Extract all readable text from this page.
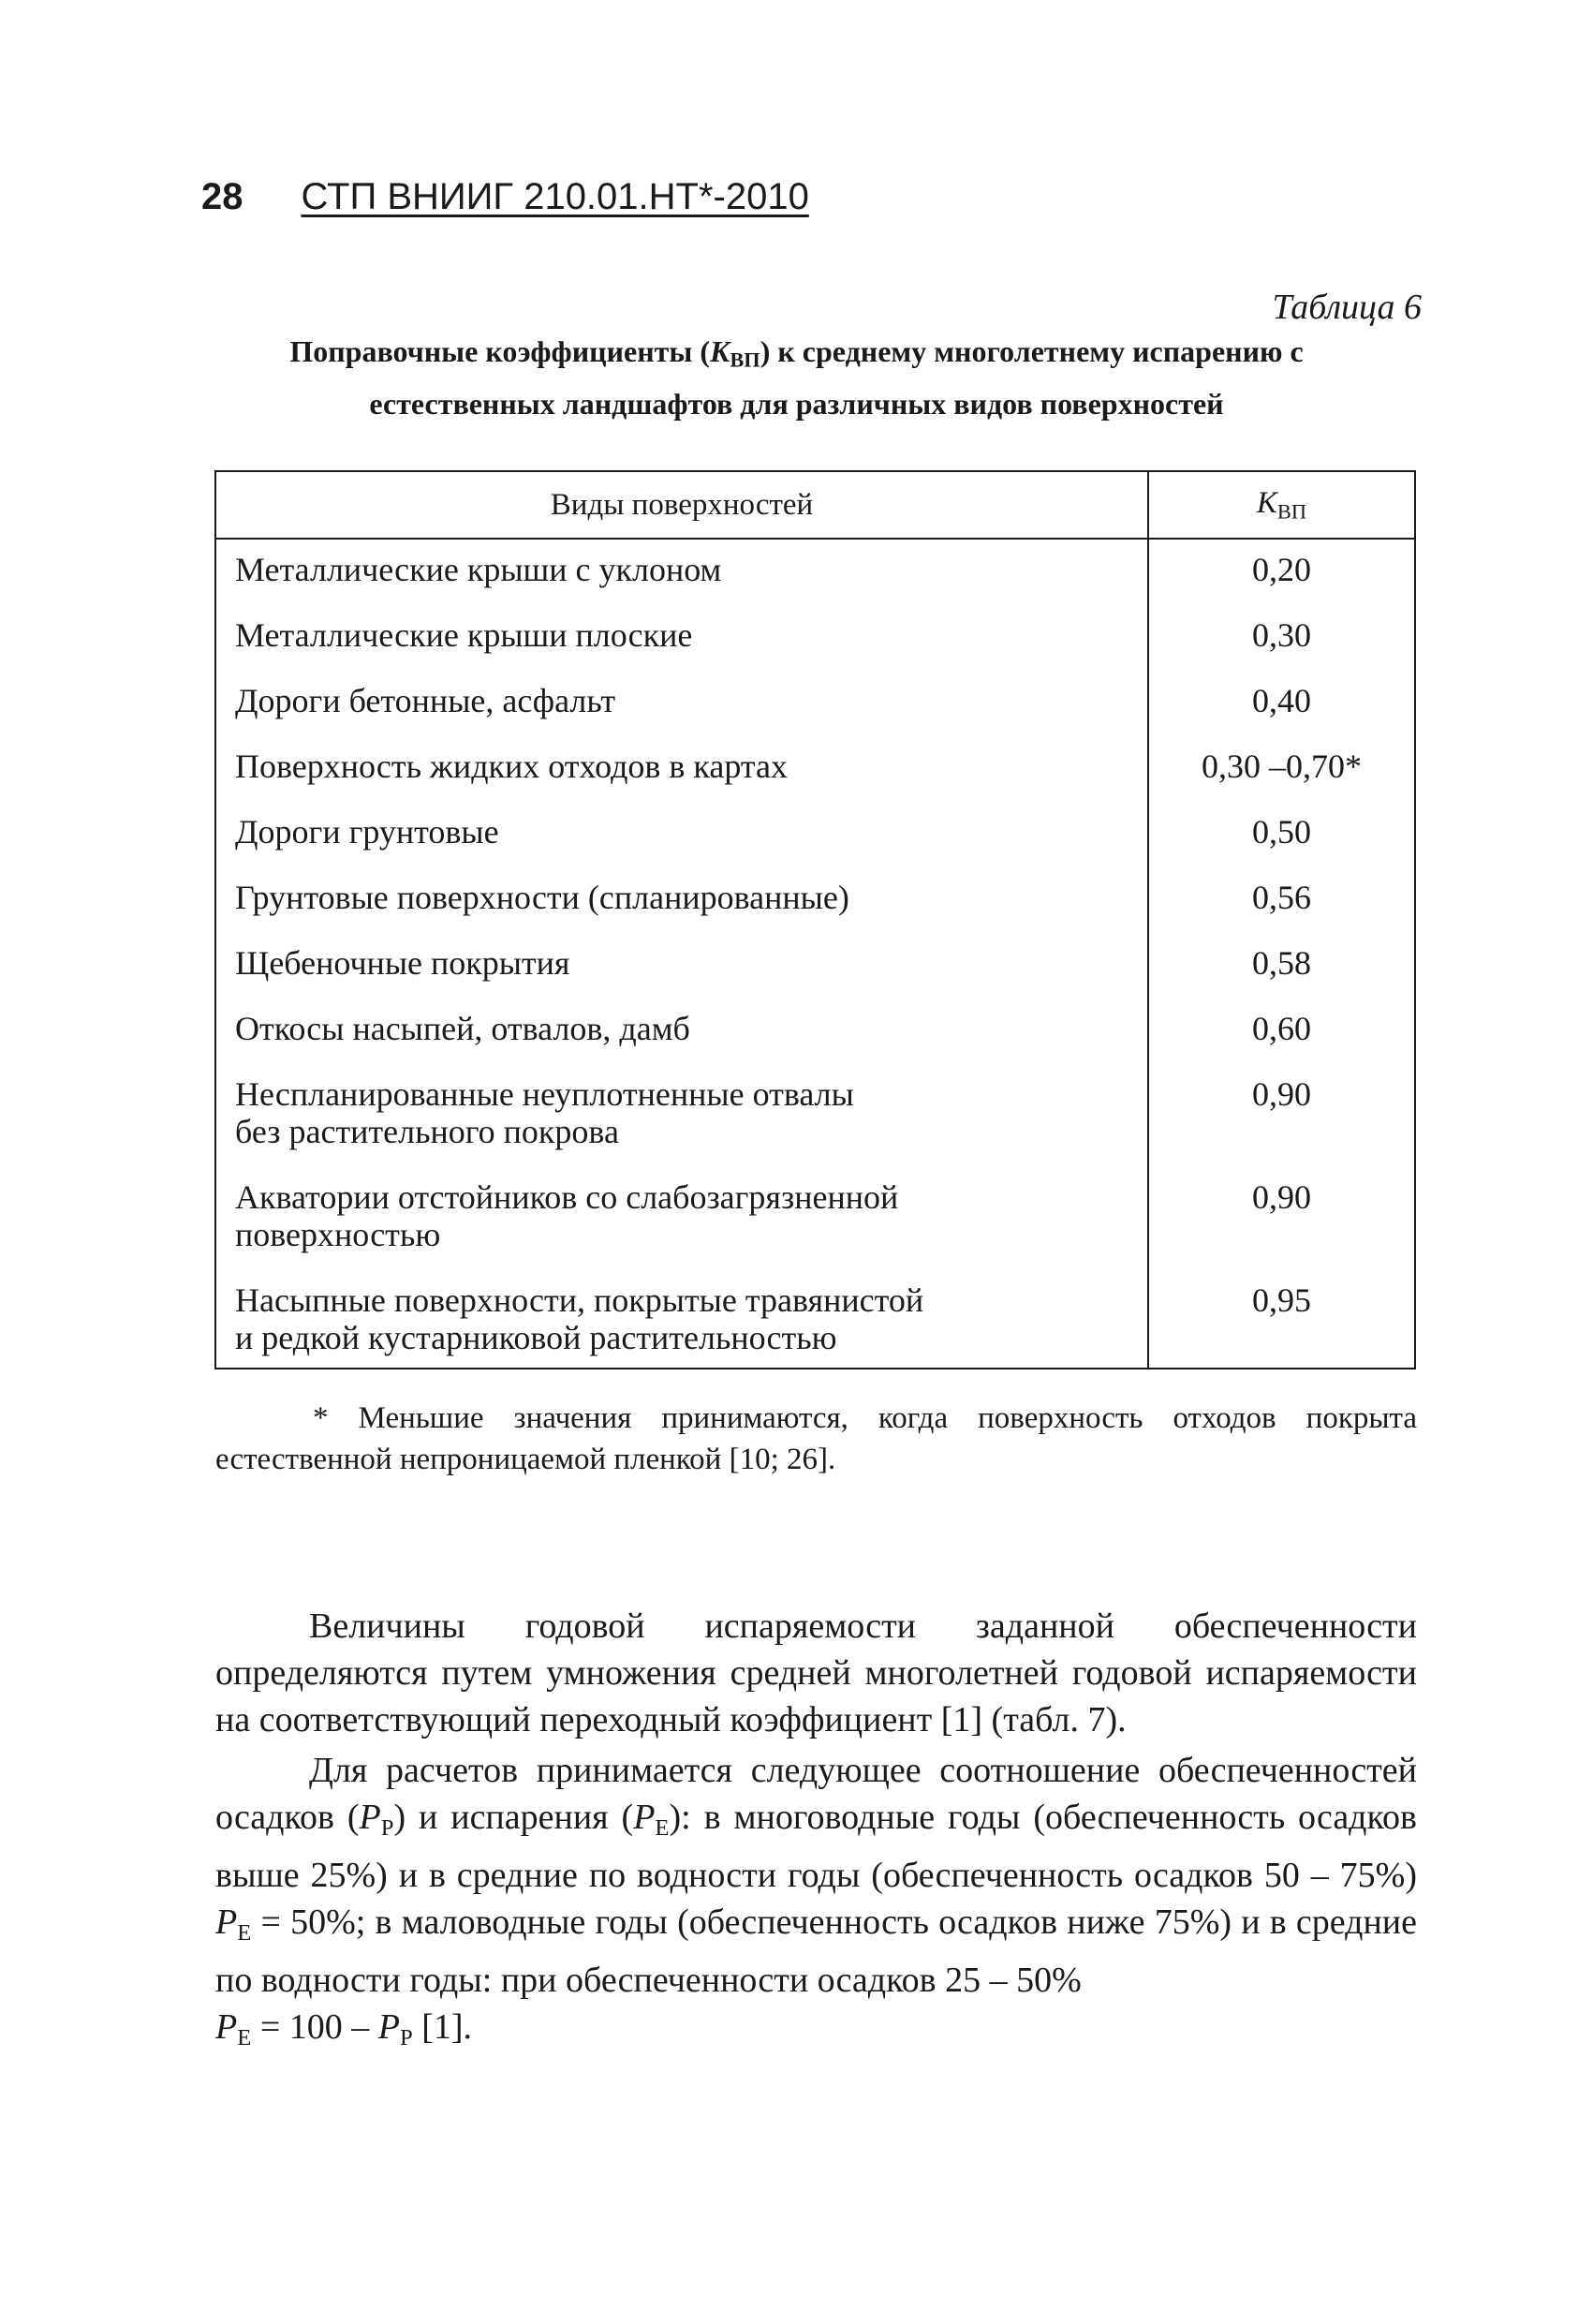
28 СТП ВНИИГ 210.01.НТ*-2010
Таблица 6
Поправочные коэффициенты $(K_{ВП})$ к среднему многолетнему испарению с естественных ландшафтов для различных видов поверхностей
Виды поверхностей	$K_{ВП}$
Металлические крыши с уклоном	0,20
Металлические крыши плоские	0,30
Дороги бетонные, асфальт	0,40
Поверхность жидких отходов в картах	0,30 –0,70*
Дороги грунтовые	0,50
Грунтовые поверхности (спланированные)	0,56
Щебеночные покрытия	0,58
Откосы насыпей, отвалов, дамб	0,60
Неспланированные неуплотненные отвалы
без растительного покрова	0,90
Акватории отстойников со слабозагрязненной
поверхностью	0,90
Насыпные поверхности, покрытые травянистой
и редкой кустарниковой растительностью	0,95
* Меньшие значения принимаются, когда поверхность отходов покрыта естественной непроницаемой пленкой [10; 26].

Величины годовой испаряемости заданной обеспеченности определяются путем умножения средней многолетней годовой испаряемости на соответствующий переходный коэффициент [1] (табл. 7).

Для расчетов принимается следующее соотношение обеспеченностей осадков (PР) и испарения (PЕ): в многоводные годы (обеспеченность осадков выше 25%) и в средние по водности годы (обеспеченность осадков 50 – 75%) PЕ = 50%; в маловодные годы (обеспеченность осадков ниже 75%) и в средние по водности годы: при обеспеченности осадков 25 – 50%
PЕ = 100 – PР [1].
